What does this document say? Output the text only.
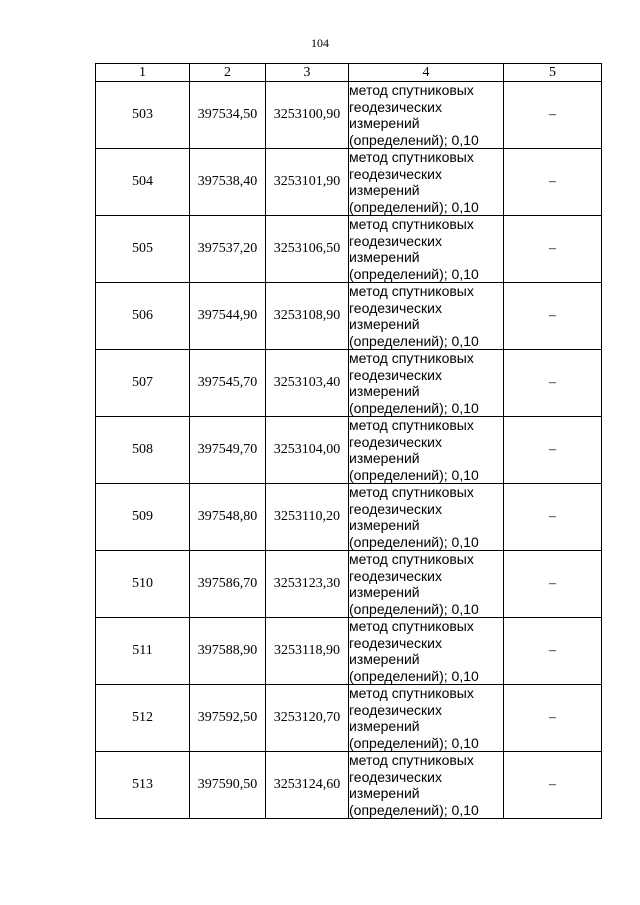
104
1	2	3	4	5
503	397534,50	3253100,90	метод спутниковых
геодезических
измерений
(определений); 0,10	–
504	397538,40	3253101,90	метод спутниковых
геодезических
измерений
(определений); 0,10	–
505	397537,20	3253106,50	метод спутниковых
геодезических
измерений
(определений); 0,10	–
506	397544,90	3253108,90	метод спутниковых
геодезических
измерений
(определений); 0,10	–
507	397545,70	3253103,40	метод спутниковых
геодезических
измерений
(определений); 0,10	–
508	397549,70	3253104,00	метод спутниковых
геодезических
измерений
(определений); 0,10	–
509	397548,80	3253110,20	метод спутниковых
геодезических
измерений
(определений); 0,10	–
510	397586,70	3253123,30	метод спутниковых
геодезических
измерений
(определений); 0,10	–
511	397588,90	3253118,90	метод спутниковых
геодезических
измерений
(определений); 0,10	–
512	397592,50	3253120,70	метод спутниковых
геодезических
измерений
(определений); 0,10	–
513	397590,50	3253124,60	метод спутниковых
геодезических
измерений
(определений); 0,10	–
